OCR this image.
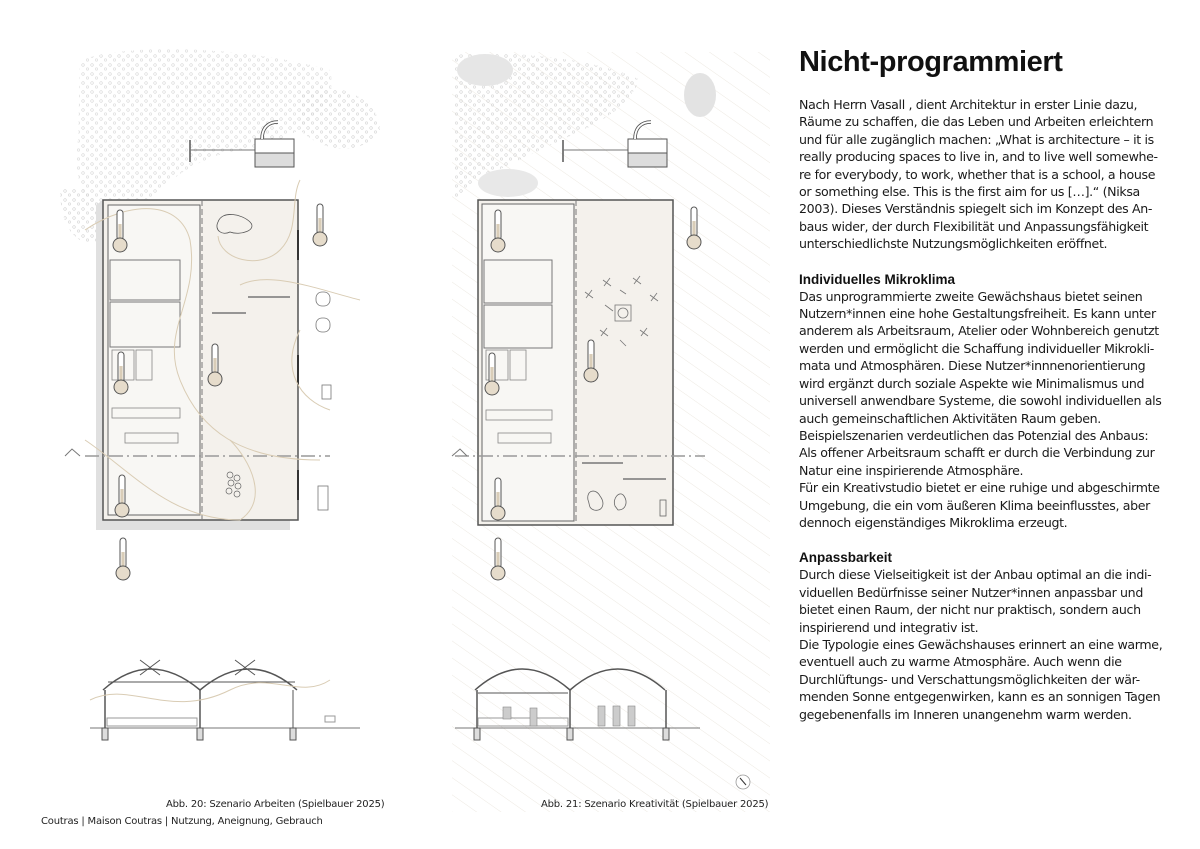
Abb. 20: Szenario Arbeiten (Spielbauer 2025)	Abb. 21: Szenario Kreativität (Spielbauer 2025)
Coutras | Maison Coutras | Nutzung, Aneignung, Gebrauch
Nicht-programmiert

Nach Herrn Vasall , dient Architektur in erster Linie dazu,
Räume zu schaffen, die das Leben und Arbeiten erleichtern
und für alle zugänglich machen: „What is architecture – it is
really producing spaces to live in, and to live well somewhe-
re for everybody, to work, whether that is a school, a house
or something else. This is the first aim for us […].“ (Niksa
2003). Dieses Verständnis spiegelt sich im Konzept des An-
baus wider, der durch Flexibilität und Anpassungsfähigkeit
unterschiedlichste Nutzungsmöglichkeiten eröffnet.

Individuelles Mikroklima

Das unprogrammierte zweite Gewächshaus bietet seinen
Nutzern*innen eine hohe Gestaltungsfreiheit. Es kann unter
anderem als Arbeitsraum, Atelier oder Wohnbereich genutzt
werden und ermöglicht die Schaffung individueller Mikrokli-
mata und Atmosphären. Diese Nutzer*innnenorientierung
wird ergänzt durch soziale Aspekte wie Minimalismus und
universell anwendbare Systeme, die sowohl individuellen als
auch gemeinschaftlichen Aktivitäten Raum geben.
Beispielszenarien verdeutlichen das Potenzial des Anbaus:
Als offener Arbeitsraum schafft er durch die Verbindung zur
Natur eine inspirierende Atmosphäre.
Für ein Kreativstudio bietet er eine ruhige und abgeschirmte
Umgebung, die ein vom äußeren Klima beeinflusstes, aber
dennoch eigenständiges Mikroklima erzeugt.

Anpassbarkeit

Durch diese Vielseitigkeit ist der Anbau optimal an die indi-
viduellen Bedürfnisse seiner Nutzer*innen anpassbar und
bietet einen Raum, der nicht nur praktisch, sondern auch
inspirierend und integrativ ist.
Die Typologie eines Gewächshauses erinnert an eine warme,
eventuell auch zu warme Atmosphäre. Auch wenn die
Durchlüftungs- und Verschattungsmöglichkeiten der wär-
menden Sonne entgegenwirken, kann es an sonnigen Tagen
gegebenenfalls im Inneren unangenehm warm werden.
